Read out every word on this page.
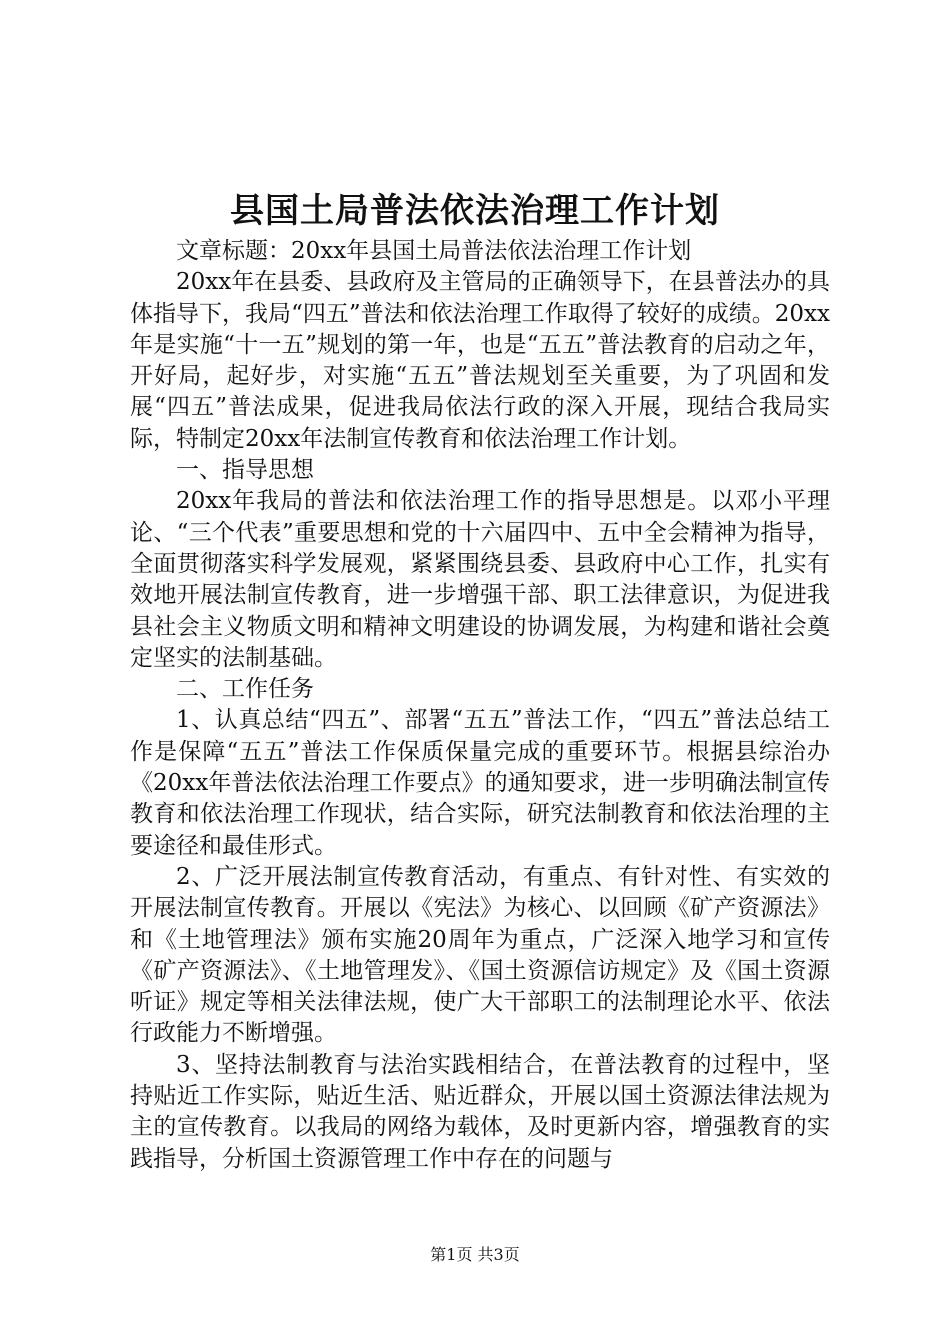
县国土局普法依法治理工作计划

文章标题：20xx年县国土局普法依法治理工作计划

20xx年在县委、县政府及主管局的正确领导下，在县普法办的具体指导下，我局“四五”普法和依法治理工作取得了较好的成绩。20xx年是实施“十一五”规划的第一年，也是“五五”普法教育的启动之年，开好局，起好步，对实施“五五”普法规划至关重要，为了巩固和发展“四五”普法成果，促进我局依法行政的深入开展，现结合我局实际，特制定20xx年法制宣传教育和依法治理工作计划。

一、指导思想

20xx年我局的普法和依法治理工作的指导思想是。以邓小平理论、“三个代表”重要思想和党的十六届四中、五中全会精神为指导，全面贯彻落实科学发展观，紧紧围绕县委、县政府中心工作，扎实有效地开展法制宣传教育，进一步增强干部、职工法律意识，为促进我县社会主义物质文明和精神文明建设的协调发展，为构建和谐社会奠定坚实的法制基础。

二、工作任务

1、认真总结“四五”、部署“五五”普法工作，“四五”普法总结工作是保障“五五”普法工作保质保量完成的重要环节。根据县综治办《20xx年普法依法治理工作要点》的通知要求，进一步明确法制宣传教育和依法治理工作现状，结合实际，研究法制教育和依法治理的主要途径和最佳形式。

2、广泛开展法制宣传教育活动，有重点、有针对性、有实效的开展法制宣传教育。开展以《宪法》为核心、以回顾《矿产资源法》和《土地管理法》颁布实施20周年为重点，广泛深入地学习和宣传《矿产资源法》、《土地管理发》、《国土资源信访规定》及《国土资源听证》规定等相关法律法规，使广大干部职工的法制理论水平、依法行政能力不断增强。

3、坚持法制教育与法治实践相结合，在普法教育的过程中，坚持贴近工作实际，贴近生活、贴近群众，开展以国土资源法律法规为主的宣传教育。以我局的网络为载体，及时更新内容，增强教育的实践指导，分析国土资源管理工作中存在的问题与

第1页 共3页
